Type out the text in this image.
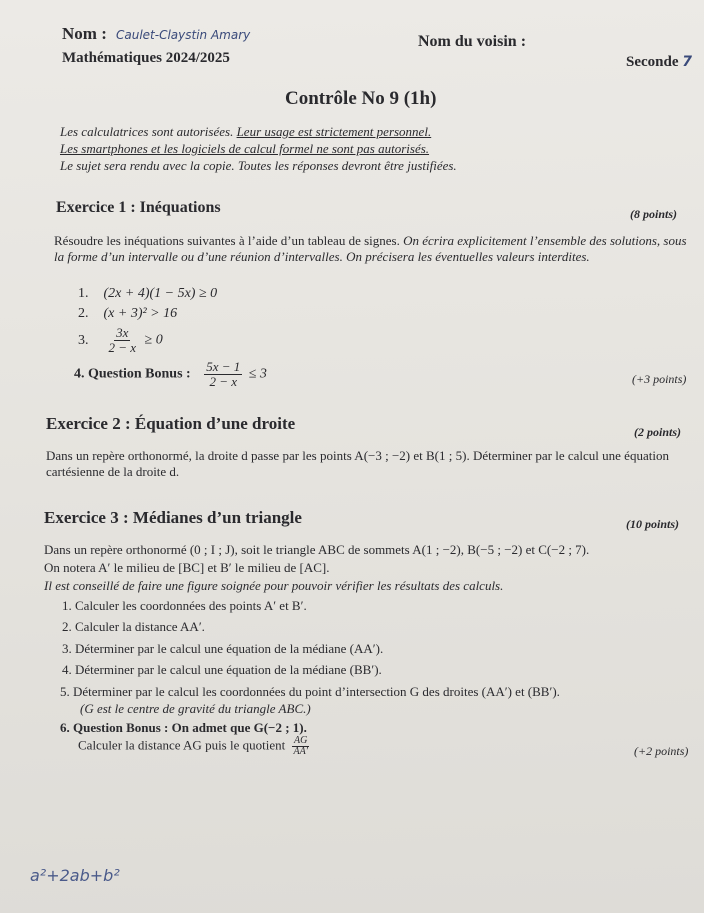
Nom : Caulet-Claystin Amary	Nom du voisin :
Mathématiques 2024/2025	Seconde 7
Contrôle No 9 (1h)
Les calculatrices sont autorisées. Leur usage est strictement personnel.
Les smartphones et les logiciels de calcul formel ne sont pas autorisés.
Le sujet sera rendu avec la copie. Toutes les réponses devront être justifiées.
Exercice 1 : Inéquations	(8 points)
Résoudre les inéquations suivantes à l’aide d’un tableau de signes. On écrira explicitement l’ensemble des solutions, sous la forme d’un intervalle ou d’une réunion d’intervalles. On précisera les éventuelles valeurs interdites.
1. (2x + 4)(1 − 5x) ≥ 0
2. (x + 3)² > 16
3. $\frac{3x}{2 - x} \ge 0$
4. Question Bonus : $\frac{5x - 1}{2 - x} \le 3$	(+3 points)
Exercice 2 : Équation d’une droite	(2 points)
Dans un repère orthonormé, la droite d passe par les points A(−3 ; −2) et B(1 ; 5). Déterminer par le calcul une équation cartésienne de la droite d.
Exercice 3 : Médianes d’un triangle	(10 points)
Dans un repère orthonormé (0 ; I ; J), soit le triangle ABC de sommets A(1 ; −2), B(−5 ; −2) et C(−2 ; 7).
On notera A′ le milieu de [BC] et B′ le milieu de [AC].
Il est conseillé de faire une figure soignée pour pouvoir vérifier les résultats des calculs.
1. Calculer les coordonnées des points A′ et B′.
2. Calculer la distance AA′.
3. Déterminer par le calcul une équation de la médiane (AA′).
4. Déterminer par le calcul une équation de la médiane (BB′).
5. Déterminer par le calcul les coordonnées du point d’intersection G des droites (AA′) et (BB′).
(G est le centre de gravité du triangle ABC.)
6. Question Bonus : On admet que G(−2 ; 1).
Calculer la distance AG puis le quotient $\frac{AG}{AA'}$	(+2 points)
a²+2ab+b²
